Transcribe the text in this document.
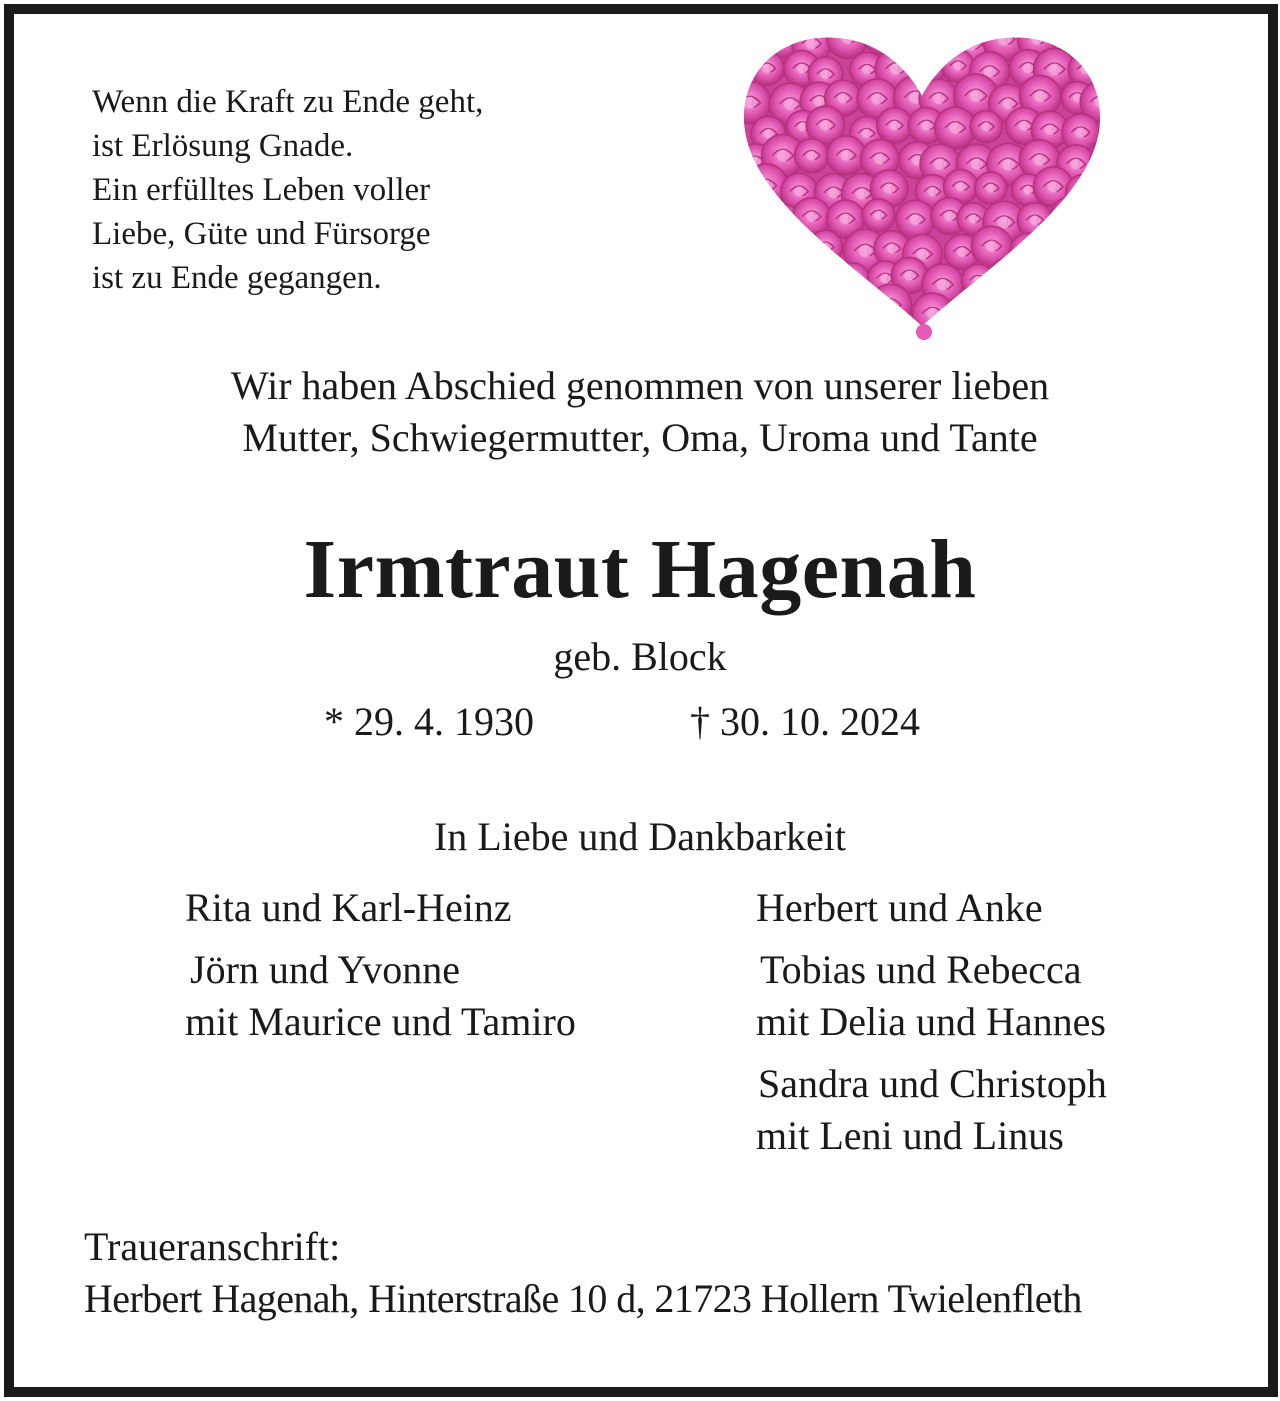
Wenn die Kraft zu Ende geht,
ist Erlösung Gnade.
Ein erfülltes Leben voller
Liebe, Güte und Fürsorge
ist zu Ende gegangen.
Wir haben Abschied genommen von unserer lieben
Mutter, Schwiegermutter, Oma, Uroma und Tante
Irmtraut Hagenah
geb. Block
* 29. 4. 1930	† 30. 10. 2024
In Liebe und Dankbarkeit
Rita und Karl-Heinz
Jörn und Yvonne
mit Maurice und Tamiro
Herbert und Anke
Tobias und Rebecca
mit Delia und Hannes
Sandra und Christoph
mit Leni und Linus
Traueranschrift:
Herbert Hagenah, Hinterstraße 10 d, 21723 Hollern Twielenfleth
